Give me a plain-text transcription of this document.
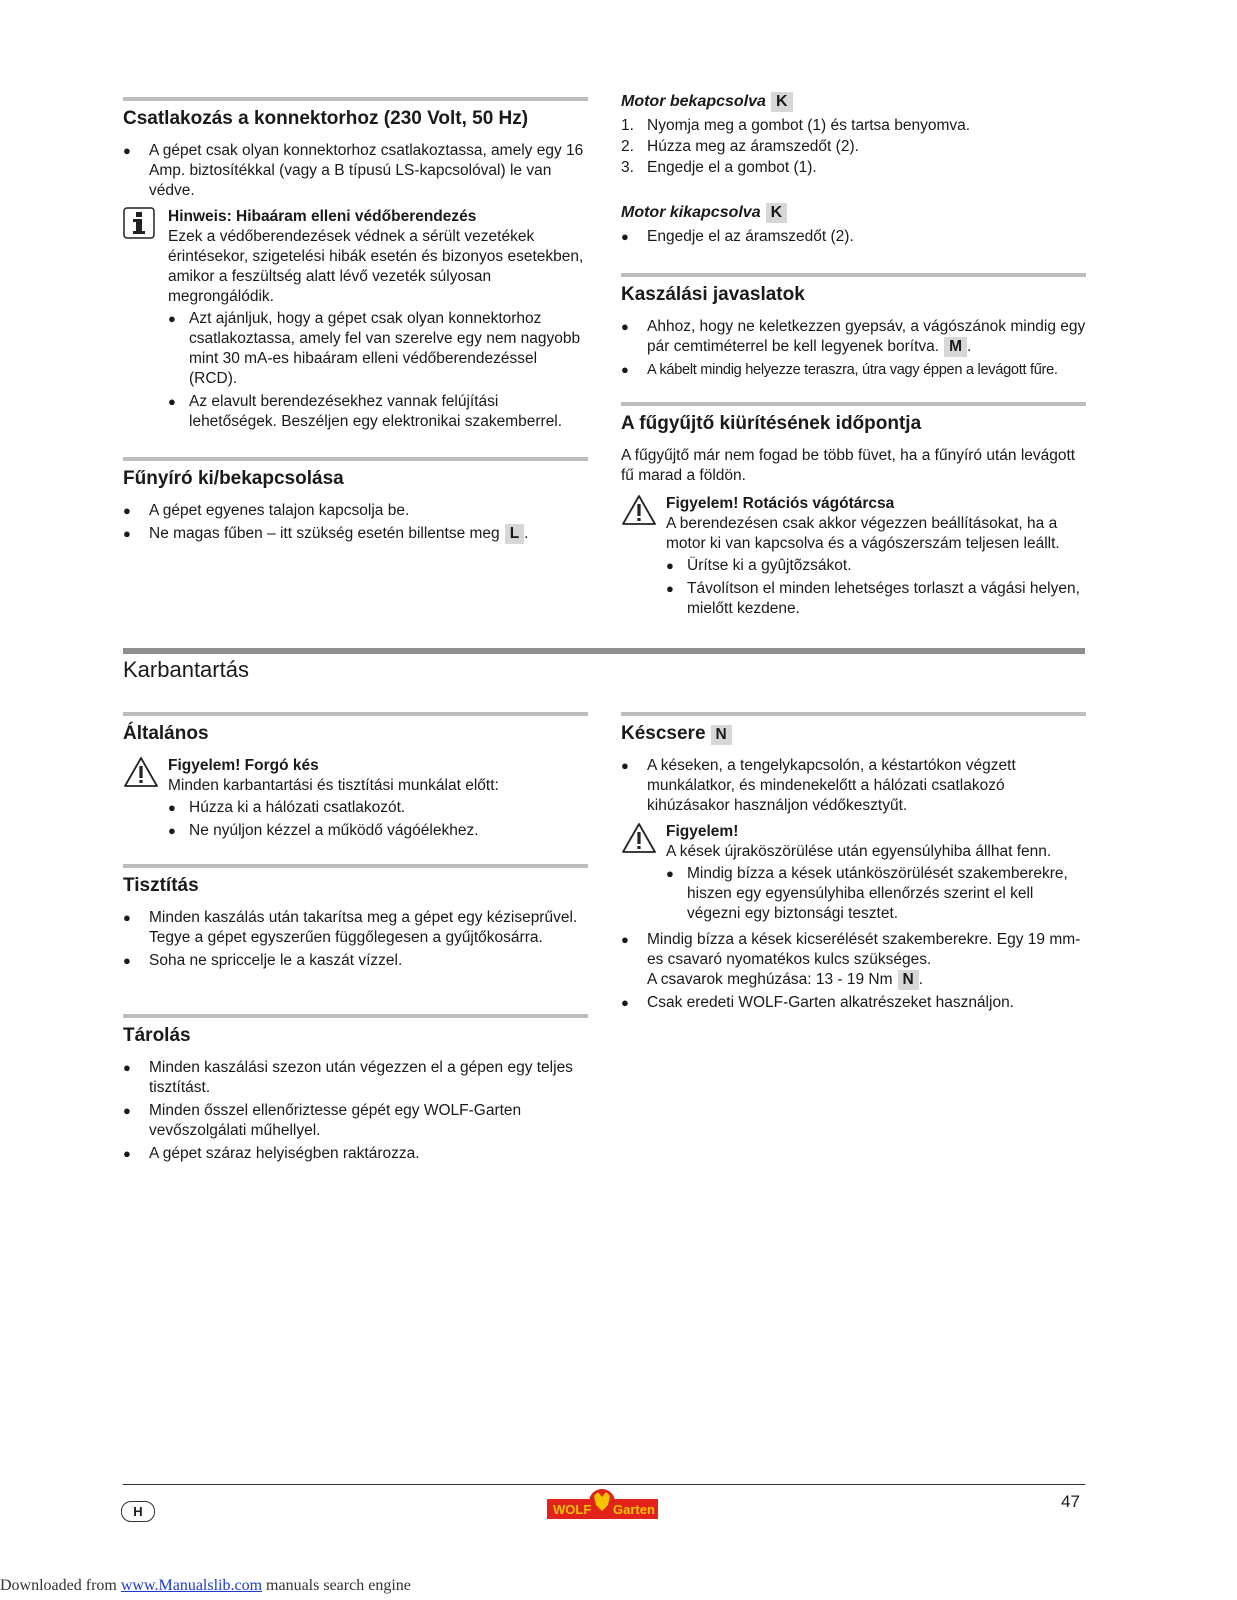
Csatlakozás a konnektorhoz (230 Volt, 50 Hz)
● A gépet csak olyan konnektorhoz csatlakoztassa, amely egy 16 Amp. biztosítékkal (vagy a B típusú LS-kapcsolóval) le van védve.
Hinweis: Hibaáram elleni védőberendezés
Ezek a védőberendezések védnek a sérült vezetékek érintésekor, szigetelési hibák esetén és bizonyos esetekben, amikor a feszültség alatt lévő vezeték súlyosan megrongálódik.
● Azt ajánljuk, hogy a gépet csak olyan konnektorhoz csatlakoztassa, amely fel van szerelve egy nem nagyobb mint 30 mA-es hibaáram elleni védőberendezéssel (RCD).
● Az elavult berendezésekhez vannak felújítási lehetőségek. Beszéljen egy elektronikai szakemberrel.
Fűnyíró ki/bekapcsolása
● A gépet egyenes talajon kapcsolja be.
● Ne magas fűben – itt szükség esetén billentse meg L .
Motor bekapcsolva K
1. Nyomja meg a gombot (1) és tartsa benyomva.
2. Húzza meg az áramszedőt (2).
3. Engedje el a gombot (1).
Motor kikapcsolva K
● Engedje el az áramszedőt (2).
Kaszálási javaslatok
● Ahhoz, hogy ne keletkezzen gyepsáv, a vágószánok mindig egy pár cemtiméterrel be kell legyenek borítva. M .
● A kábelt mindig helyezze teraszra, útra vagy éppen a levágott fűre.
A fűgyűjtő kiürítésének időpontja
A fűgyűjtő már nem fogad be több füvet, ha a fűnyíró után levágott fű marad a földön.
Figyelem! Rotációs vágótárcsa
A berendezésen csak akkor végezzen beállításokat, ha a motor ki van kapcsolva és a vágószerszám teljesen leállt.
● Ürítse ki a gyûjtõzsákot.
● Távolítson el minden lehetséges torlaszt a vágási helyen, mielőtt kezdene.
Karbantartás
Általános
Figyelem! Forgó kés
Minden karbantartási és tisztítási munkálat előtt:
● Húzza ki a hálózati csatlakozót.
● Ne nyúljon kézzel a működő vágóélekhez.
Tisztítás
● Minden kaszálás után takarítsa meg a gépet egy kéziseprűvel. Tegye a gépet egyszerűen függőlegesen a gyűjtőkosárra.
● Soha ne spriccelje le a kaszát vízzel.
Tárolás
● Minden kaszálási szezon után végezzen el a gépen egy teljes tisztítást.
● Minden ősszel ellenőriztesse gépét egy WOLF-Garten vevőszolgálati műhellyel.
● A gépet száraz helyiségben raktározza.
Késcsere N
● A késeken, a tengelykapcsolón, a késtartókon végzett munkálatkor, és mindenekelőtt a hálózati csatlakozó kihúzásakor használjon védőkesztyűt.
Figyelem!
A kések újraköszörülése után egyensúlyhiba állhat fenn.
● Mindig bízza a kések utánköszörülését szakemberekre, hiszen egy egyensúlyhiba ellenőrzés szerint el kell végezni egy biztonsági tesztet.
● Mindig bízza a kések kicserélését szakemberekre. Egy 19 mm-es csavaró nyomatékos kulcs szükséges.
A csavarok meghúzása: 13 - 19 Nm N .
● Csak eredeti WOLF-Garten alkatrészeket használjon.
H	WOLF Garten	47
Downloaded from www.Manualslib.com manuals search engine
